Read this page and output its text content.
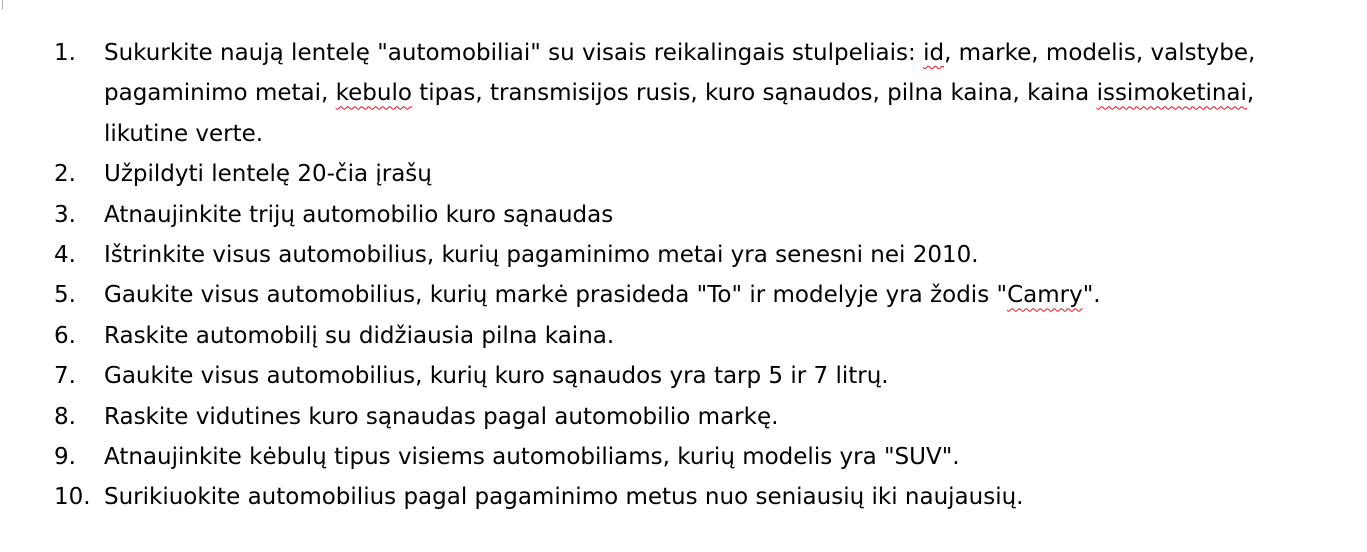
1. Sukurkite naują lentelę "automobiliai" su visais reikalingais stulpeliais: id, marke, modelis, valstybe,
pagaminimo metai, kebulo tipas, transmisijos rusis, kuro sąnaudos, pilna kaina, kaina issimoketinai,
likutine verte.
2. Užpildyti lentelę 20-čia įrašų
3. Atnaujinkite trijų automobilio kuro sąnaudas
4. Ištrinkite visus automobilius, kurių pagaminimo metai yra senesni nei 2010.
5. Gaukite visus automobilius, kurių markė prasideda "To" ir modelyje yra žodis "Camry".
6. Raskite automobilį su didžiausia pilna kaina.
7. Gaukite visus automobilius, kurių kuro sąnaudos yra tarp 5 ir 7 litrų.
8. Raskite vidutines kuro sąnaudas pagal automobilio markę.
9. Atnaujinkite kėbulų tipus visiems automobiliams, kurių modelis yra "SUV".
10. Surikiuokite automobilius pagal pagaminimo metus nuo seniausių iki naujausių.
